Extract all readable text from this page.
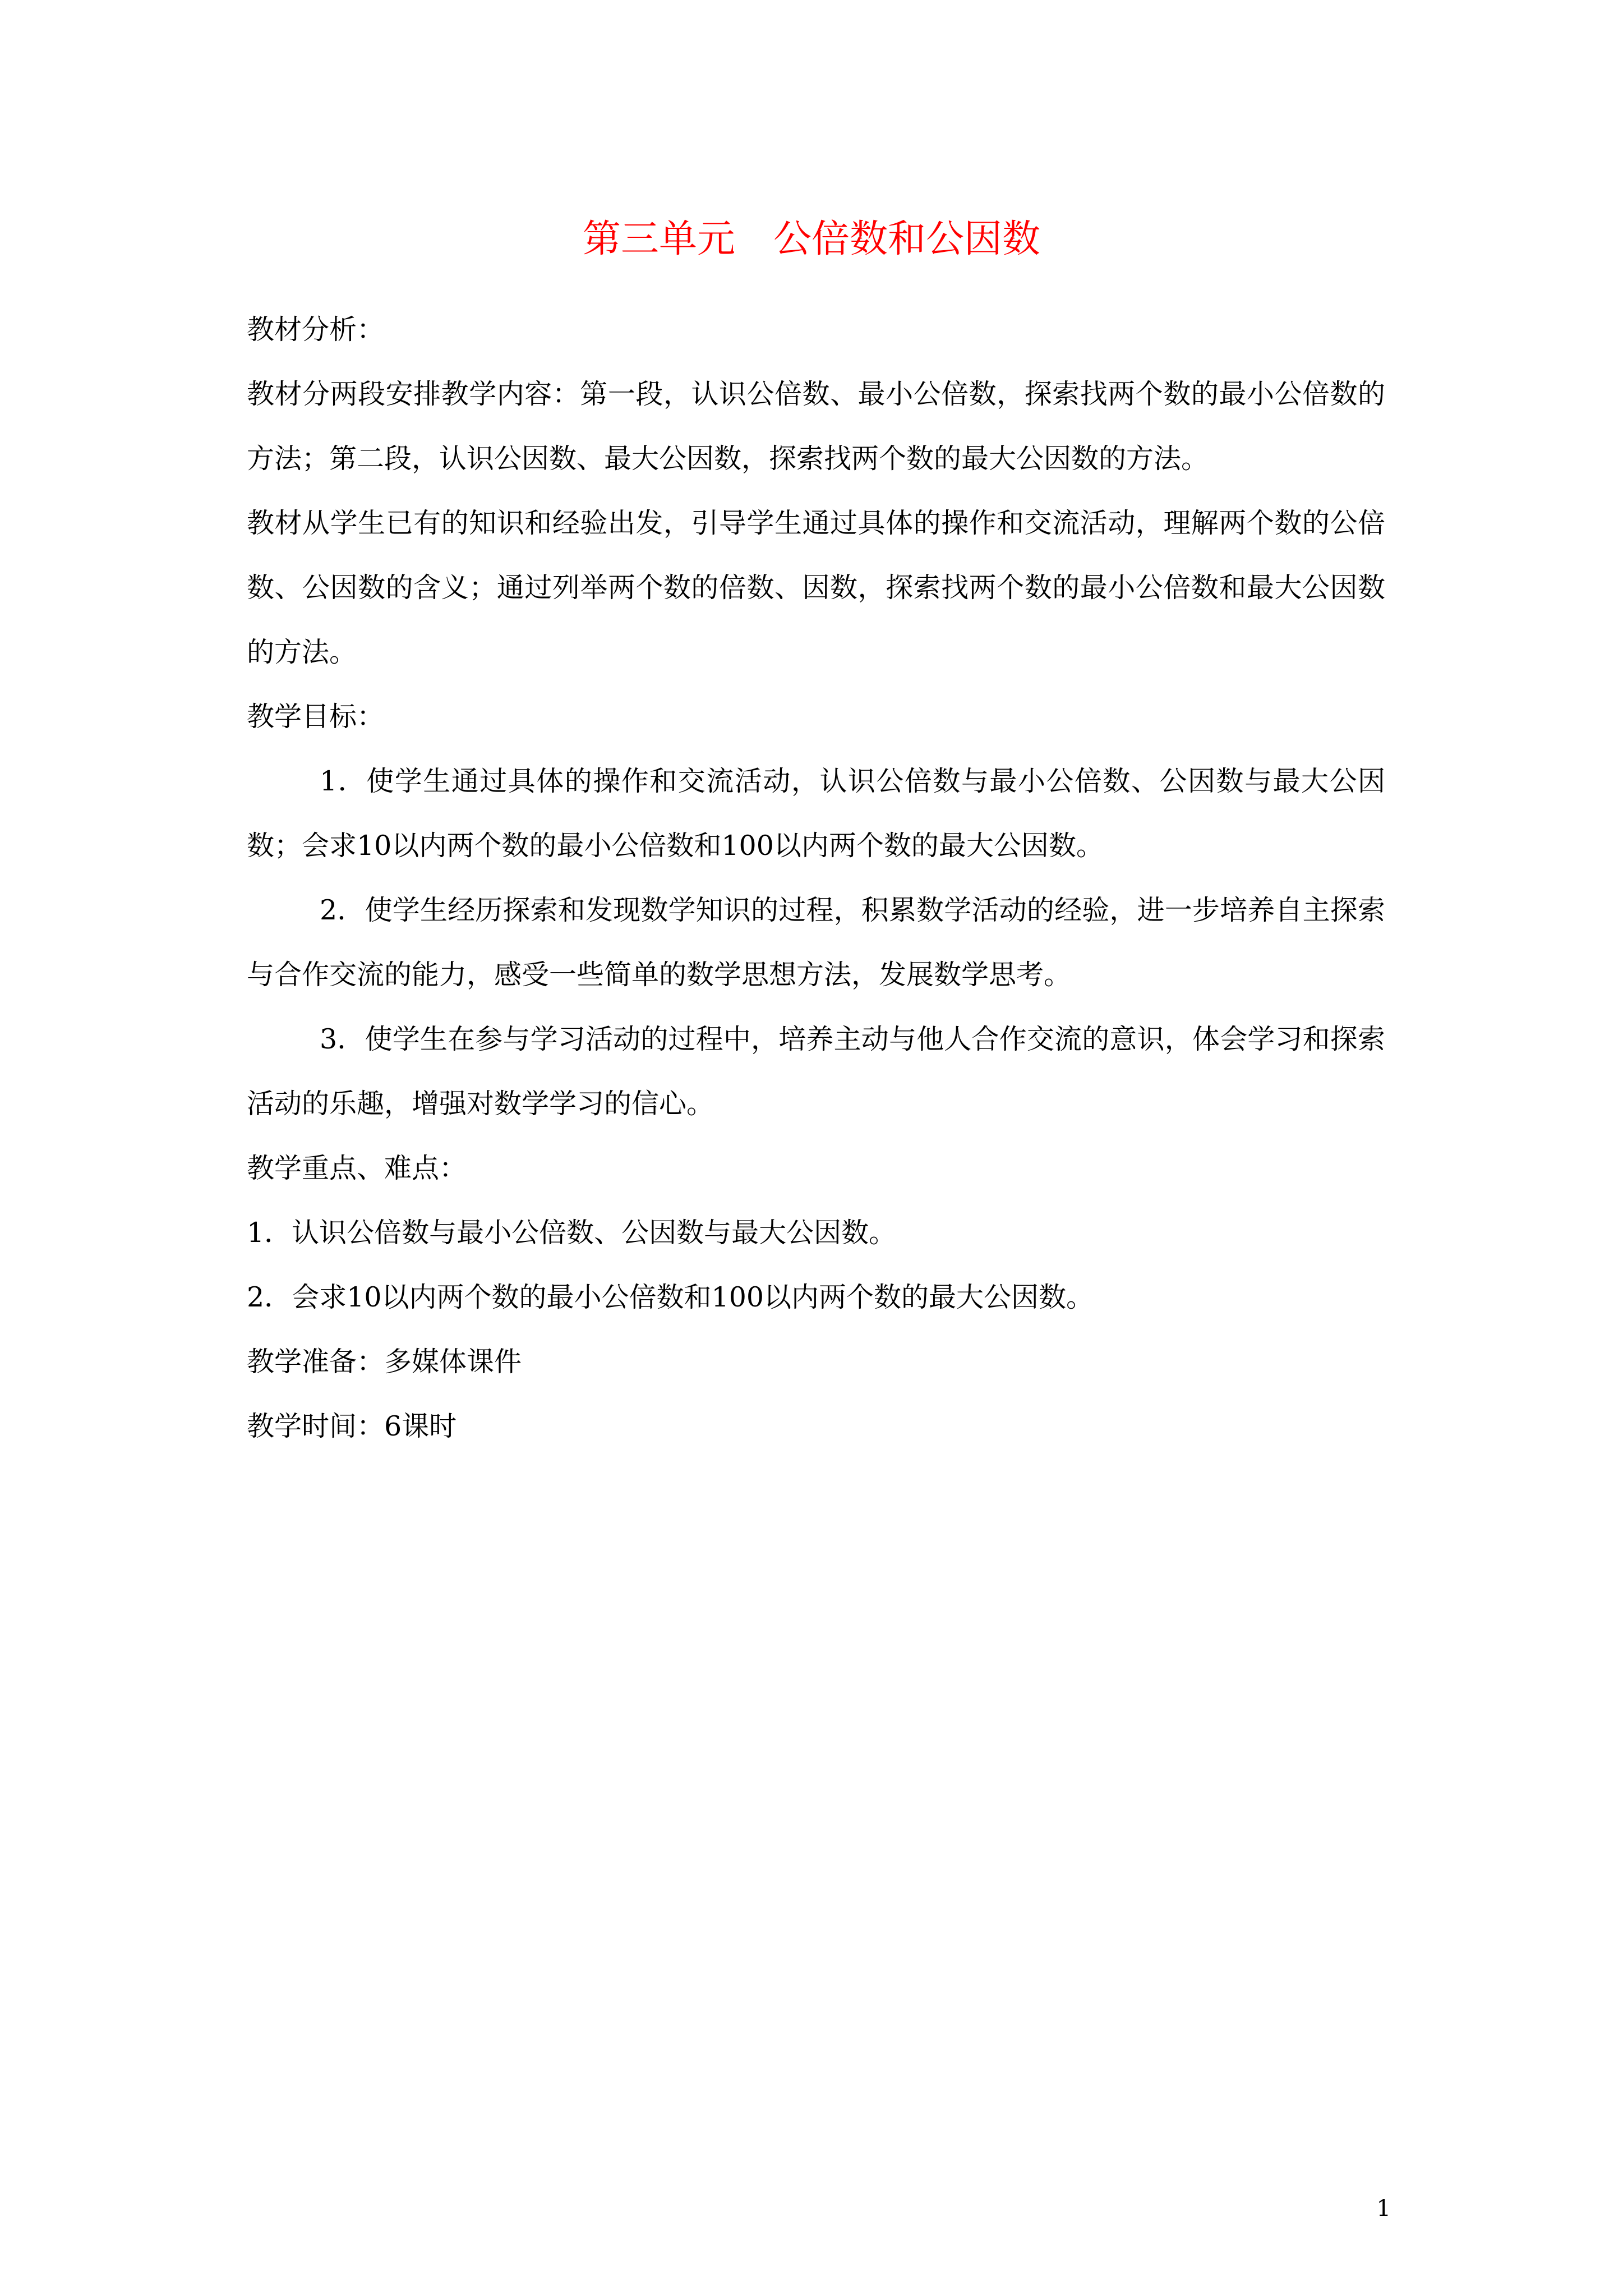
第三单元　公倍数和公因数

教材分析：

教材分两段安排教学内容：第一段，认识公倍数、最小公倍数，探索找两个数的最小公倍数的方法；第二段，认识公因数、最大公因数，探索找两个数的最大公因数的方法。

教材从学生已有的知识和经验出发，引导学生通过具体的操作和交流活动，理解两个数的公倍数、公因数的含义；通过列举两个数的倍数、因数，探索找两个数的最小公倍数和最大公因数的方法。

教学目标：

1．使学生通过具体的操作和交流活动，认识公倍数与最小公倍数、公因数与最大公因数；会求10以内两个数的最小公倍数和100以内两个数的最大公因数。

2．使学生经历探索和发现数学知识的过程，积累数学活动的经验，进一步培养自主探索与合作交流的能力，感受一些简单的数学思想方法，发展数学思考。

3．使学生在参与学习活动的过程中，培养主动与他人合作交流的意识，体会学习和探索活动的乐趣，增强对数学学习的信心。

教学重点、难点：

1．认识公倍数与最小公倍数、公因数与最大公因数。

2．会求10以内两个数的最小公倍数和100以内两个数的最大公因数。

教学准备：多媒体课件

教学时间：6课时

1
